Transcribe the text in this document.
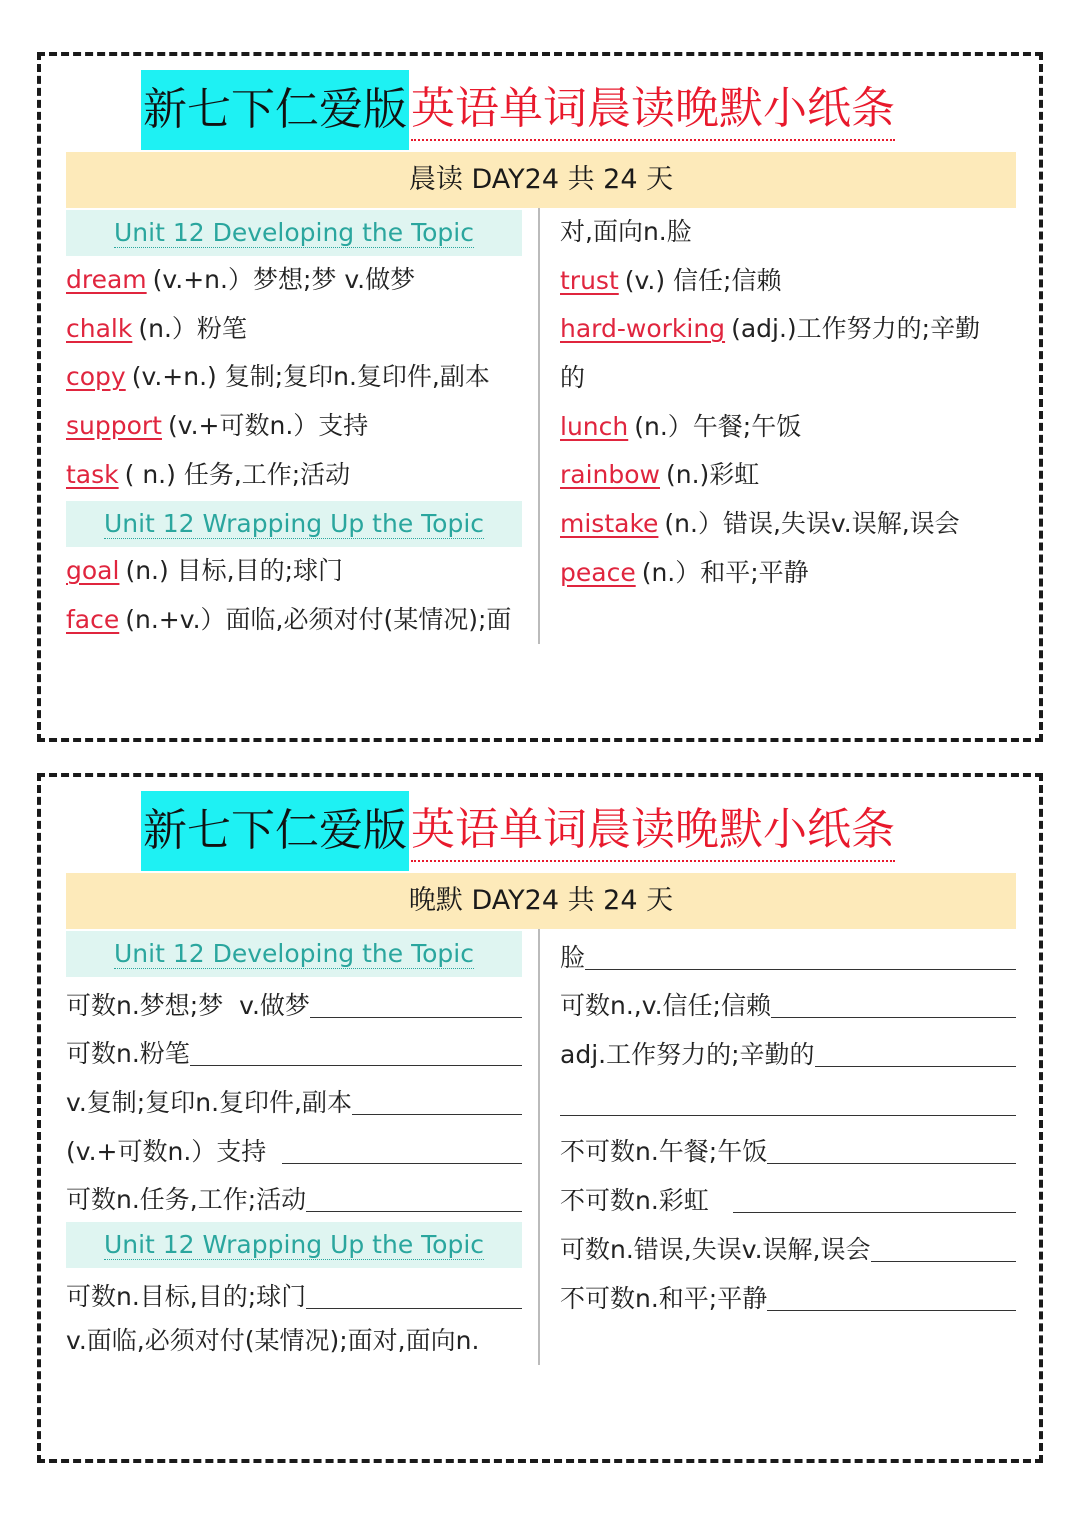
新七下仁爱版 英语单词晨读晚默小纸条
晨读 DAY24 共 24 天
Unit 12 Developing the Topic
dream (v.+n.）梦想;梦 v.做梦
chalk (n.）粉笔
copy (v.+n.) 复制;复印n.复印件,副本
support (v.+可数n.）支持
task ( n.) 任务,工作;活动
Unit 12 Wrapping Up the Topic
goal (n.) 目标,目的;球门
face (n.+v.）面临,必须对付(某情况);面
对,面向n.脸
trust (v.) 信任;信赖
hard-working (adj.)工作努力的;辛勤
的
lunch (n.）午餐;午饭
rainbow (n.)彩虹
mistake (n.）错误,失误v.误解,误会
peace (n.）和平;平静
新七下仁爱版 英语单词晨读晚默小纸条
晚默 DAY24 共 24 天
Unit 12 Developing the Topic
可数n.梦想;梦  v.做梦
可数n.粉笔
v.复制;复印n.复印件,副本
(v.+可数n.）支持
可数n.任务,工作;活动
Unit 12 Wrapping Up the Topic
可数n.目标,目的;球门
v.面临,必须对付(某情况);面对,面向n.
脸
可数n.,v.信任;信赖
adj.工作努力的;辛勤的
不可数n.午餐;午饭
不可数n.彩虹
可数n.错误,失误v.误解,误会
不可数n.和平;平静
